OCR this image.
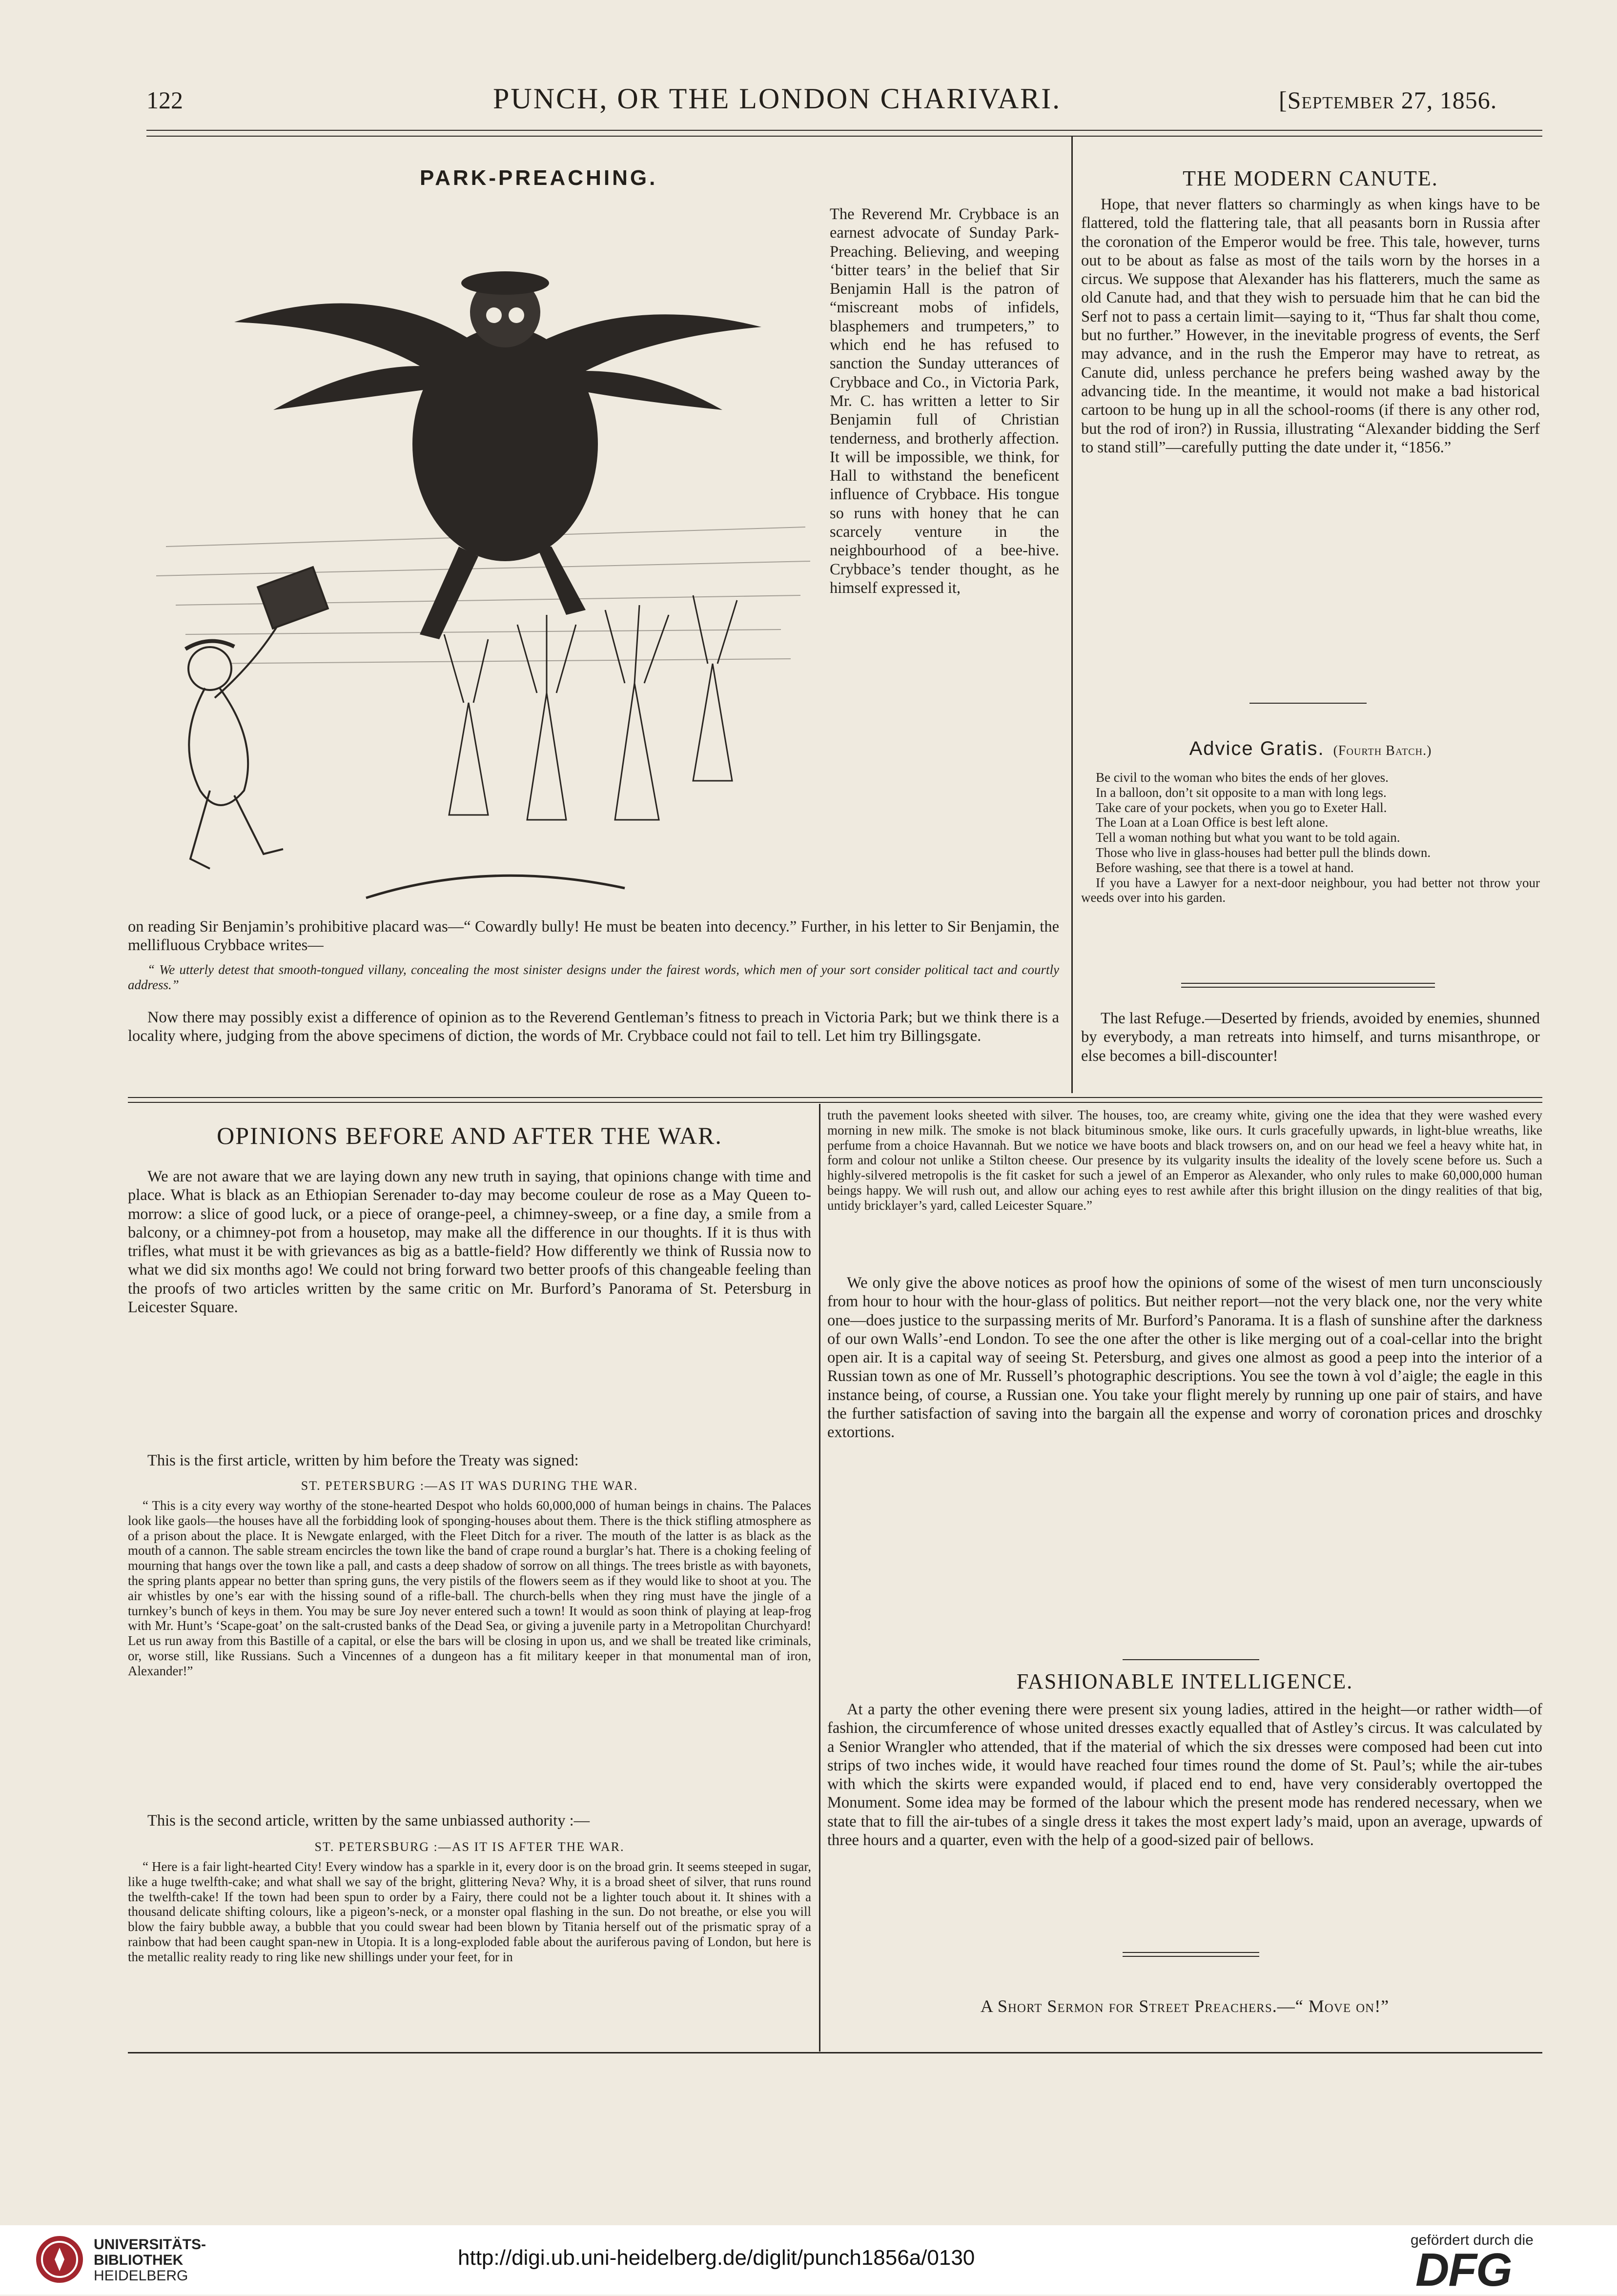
122	PUNCH, OR THE LONDON CHARIVARI.	[September 27, 1856.
PARK-PREACHING.

The Reverend Mr. Crybbace is an earnest advocate of Sunday Park-Preaching. Believing, and weeping ‘bitter tears’ in the belief that Sir Benjamin Hall is the patron of “miscreant mobs of infidels, blasphemers and trumpeters,” to which end he has refused to sanction the Sunday utterances of Crybbace and Co., in Victoria Park, Mr. C. has written a letter to Sir Benjamin full of Christian tenderness, and brotherly affection. It will be impossible, we think, for Hall to withstand the beneficent influence of Crybbace. His tongue so runs with honey that he can scarcely venture in the neighbourhood of a bee-hive. Crybbace’s tender thought, as he himself expressed it,

on reading Sir Benjamin’s prohibitive placard was—“ Cowardly bully! He must be beaten into decency.” Further, in his letter to Sir Benjamin, the mellifluous Crybbace writes—

“ We utterly detest that smooth-tongued villany, concealing the most sinister designs under the fairest words, which men of your sort consider political tact and courtly address.”

Now there may possibly exist a difference of opinion as to the Reverend Gentleman’s fitness to preach in Victoria Park; but we think there is a locality where, judging from the above specimens of diction, the words of Mr. Crybbace could not fail to tell. Let him try Billingsgate.

THE MODERN CANUTE.

Hope, that never flatters so charmingly as when kings have to be flattered, told the flattering tale, that all peasants born in Russia after the coronation of the Emperor would be free. This tale, however, turns out to be about as false as most of the tails worn by the horses in a circus. We suppose that Alexander has his flatterers, much the same as old Canute had, and that they wish to persuade him that he can bid the Serf not to pass a certain limit—saying to it, “Thus far shalt thou come, but no further.” However, in the inevitable progress of events, the Serf may advance, and in the rush the Emperor may have to retreat, as Canute did, unless perchance he prefers being washed away by the advancing tide. In the meantime, it would not make a bad historical cartoon to be hung up in all the school-rooms (if there is any other rod, but the rod of iron?) in Russia, illustrating “Alexander bidding the Serf to stand still”—carefully putting the date under it, “1856.”

Advice Gratis. (Fourth Batch.)

Be civil to the woman who bites the ends of her gloves.

In a balloon, don’t sit opposite to a man with long legs.

Take care of your pockets, when you go to Exeter Hall.

The Loan at a Loan Office is best left alone.

Tell a woman nothing but what you want to be told again.

Those who live in glass-houses had better pull the blinds down.

Before washing, see that there is a towel at hand.

If you have a Lawyer for a next-door neighbour, you had better not throw your weeds over into his garden.

The last Refuge.—Deserted by friends, avoided by enemies, shunned by everybody, a man retreats into himself, and turns misanthrope, or else becomes a bill-discounter!

OPINIONS BEFORE AND AFTER THE WAR.

We are not aware that we are laying down any new truth in saying, that opinions change with time and place. What is black as an Ethiopian Serenader to-day may become couleur de rose as a May Queen to-morrow: a slice of good luck, or a piece of orange-peel, a chimney-sweep, or a fine day, a smile from a balcony, or a chimney-pot from a housetop, may make all the difference in our thoughts. If it is thus with trifles, what must it be with grievances as big as a battle-field? How differently we think of Russia now to what we did six months ago! We could not bring forward two better proofs of this changeable feeling than the proofs of two articles written by the same critic on Mr. Burford’s Panorama of St. Petersburg in Leicester Square.

This is the first article, written by him before the Treaty was signed:

ST. PETERSBURG :—AS IT WAS DURING THE WAR.

“ This is a city every way worthy of the stone-hearted Despot who holds 60,000,000 of human beings in chains. The Palaces look like gaols—the houses have all the forbidding look of sponging-houses about them. There is the thick stifling atmosphere as of a prison about the place. It is Newgate enlarged, with the Fleet Ditch for a river. The mouth of the latter is as black as the mouth of a cannon. The sable stream encircles the town like the band of crape round a burglar’s hat. There is a choking feeling of mourning that hangs over the town like a pall, and casts a deep shadow of sorrow on all things. The trees bristle as with bayonets, the spring plants appear no better than spring guns, the very pistils of the flowers seem as if they would like to shoot at you. The air whistles by one’s ear with the hissing sound of a rifle-ball. The church-bells when they ring must have the jingle of a turnkey’s bunch of keys in them. You may be sure Joy never entered such a town! It would as soon think of playing at leap-frog with Mr. Hunt’s ‘Scape-goat’ on the salt-crusted banks of the Dead Sea, or giving a juvenile party in a Metropolitan Churchyard! Let us run away from this Bastille of a capital, or else the bars will be closing in upon us, and we shall be treated like criminals, or, worse still, like Russians. Such a Vincennes of a dungeon has a fit military keeper in that monumental man of iron, Alexander!”

This is the second article, written by the same unbiassed authority :—

ST. PETERSBURG :—AS IT IS AFTER THE WAR.

“ Here is a fair light-hearted City! Every window has a sparkle in it, every door is on the broad grin. It seems steeped in sugar, like a huge twelfth-cake; and what shall we say of the bright, glittering Neva? Why, it is a broad sheet of silver, that runs round the twelfth-cake! If the town had been spun to order by a Fairy, there could not be a lighter touch about it. It shines with a thousand delicate shifting colours, like a pigeon’s-neck, or a monster opal flashing in the sun. Do not breathe, or else you will blow the fairy bubble away, a bubble that you could swear had been blown by Titania herself out of the prismatic spray of a rainbow that had been caught span-new in Utopia. It is a long-exploded fable about the auriferous paving of London, but here is the metallic reality ready to ring like new shillings under your feet, for in

truth the pavement looks sheeted with silver. The houses, too, are creamy white, giving one the idea that they were washed every morning in new milk. The smoke is not black bituminous smoke, like ours. It curls gracefully upwards, in light-blue wreaths, like perfume from a choice Havannah. But we notice we have boots and black trowsers on, and on our head we feel a heavy white hat, in form and colour not unlike a Stilton cheese. Our presence by its vulgarity insults the ideality of the lovely scene before us. Such a highly-silvered metropolis is the fit casket for such a jewel of an Emperor as Alexander, who only rules to make 60,000,000 human beings happy. We will rush out, and allow our aching eyes to rest awhile after this bright illusion on the dingy realities of that big, untidy bricklayer’s yard, called Leicester Square.”

We only give the above notices as proof how the opinions of some of the wisest of men turn unconsciously from hour to hour with the hour-glass of politics. But neither report—not the very black one, nor the very white one—does justice to the surpassing merits of Mr. Burford’s Panorama. It is a flash of sunshine after the darkness of our own Walls’-end London. To see the one after the other is like merging out of a coal-cellar into the bright open air. It is a capital way of seeing St. Petersburg, and gives one almost as good a peep into the interior of a Russian town as one of Mr. Russell’s photographic descriptions. You see the town à vol d’aigle; the eagle in this instance being, of course, a Russian one. You take your flight merely by running up one pair of stairs, and have the further satisfaction of saving into the bargain all the expense and worry of coronation prices and droschky extortions.

FASHIONABLE INTELLIGENCE.

At a party the other evening there were present six young ladies, attired in the height—or rather width—of fashion, the circumference of whose united dresses exactly equalled that of Astley’s circus. It was calculated by a Senior Wrangler who attended, that if the material of which the six dresses were composed had been cut into strips of two inches wide, it would have reached four times round the dome of St. Paul’s; while the air-tubes with which the skirts were expanded would, if placed end to end, have very considerably overtopped the Monument. Some idea may be formed of the labour which the present mode has rendered necessary, when we state that to fill the air-tubes of a single dress it takes the most expert lady’s maid, upon an average, upwards of three hours and a quarter, even with the help of a good-sized pair of bellows.

A Short Sermon for Street Preachers.—“ Move on!”
UNIVERSITÄTS-
BIBLIOTHEK
HEIDELBERG
http://digi.ub.uni-heidelberg.de/diglit/punch1856a/0130
gefördert durch die
DFG
